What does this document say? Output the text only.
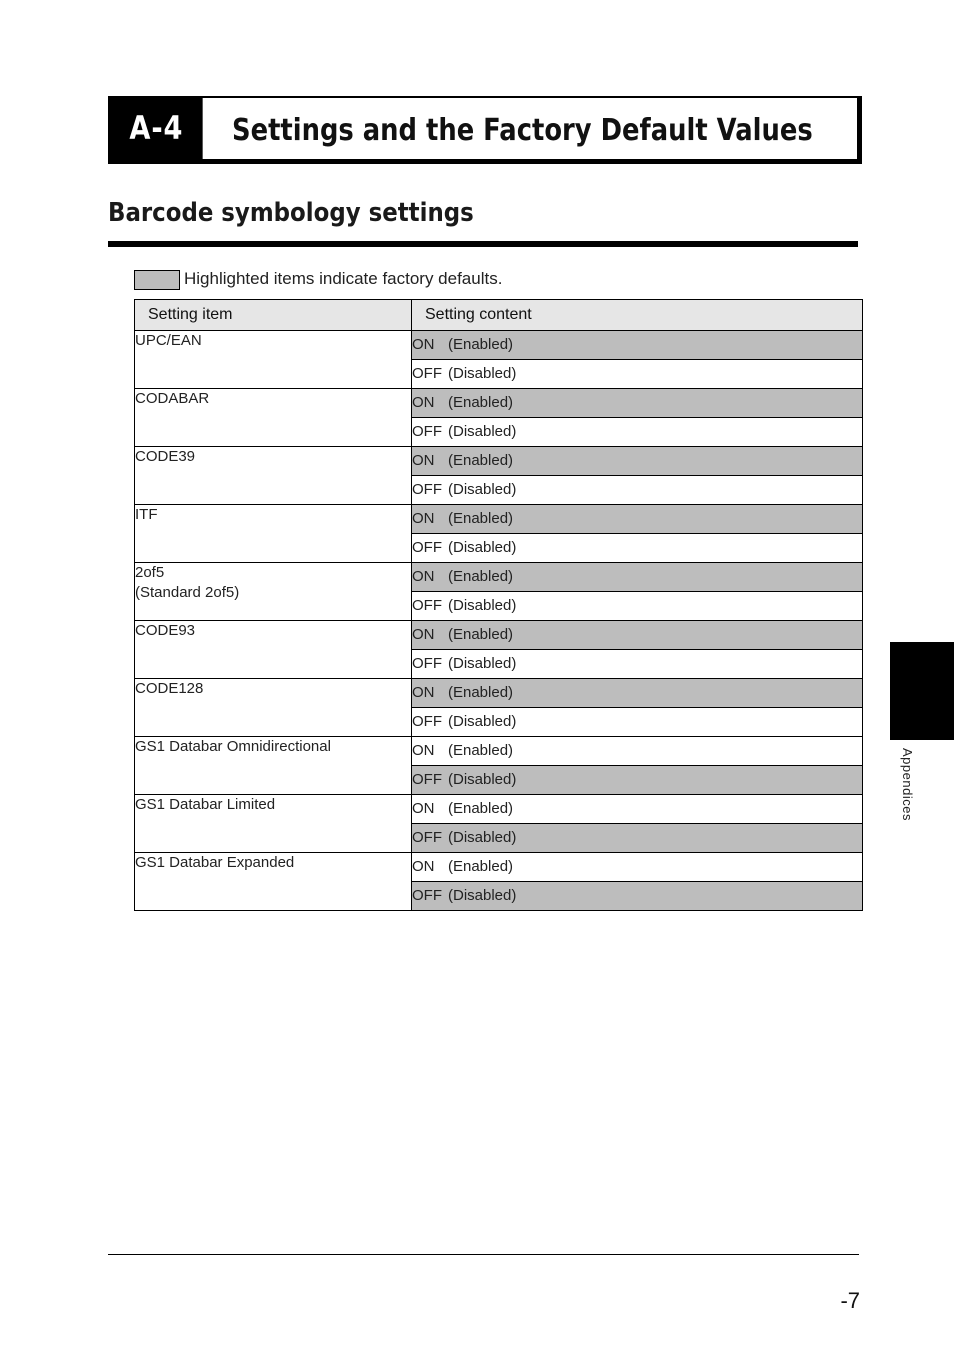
A-4	Settings and the Factory Default Values
Barcode symbology settings
Highlighted items indicate factory defaults.
Setting item	Setting content

UPC/EAN	ON (Enabled)
	OFF (Disabled)

CODABAR	ON (Enabled)
	OFF (Disabled)

CODE39	ON (Enabled)
	OFF (Disabled)

ITF	ON (Enabled)
	OFF (Disabled)

2of5
(Standard 2of5)	ON (Enabled)
	OFF (Disabled)

CODE93	ON (Enabled)
	OFF (Disabled)

CODE128	ON (Enabled)
	OFF (Disabled)

GS1 Databar Omnidirectional	ON (Enabled)
	OFF (Disabled)

GS1 Databar Limited	ON (Enabled)
	OFF (Disabled)

GS1 Databar Expanded	ON (Enabled)
	OFF (Disabled)
Appendices
-7
